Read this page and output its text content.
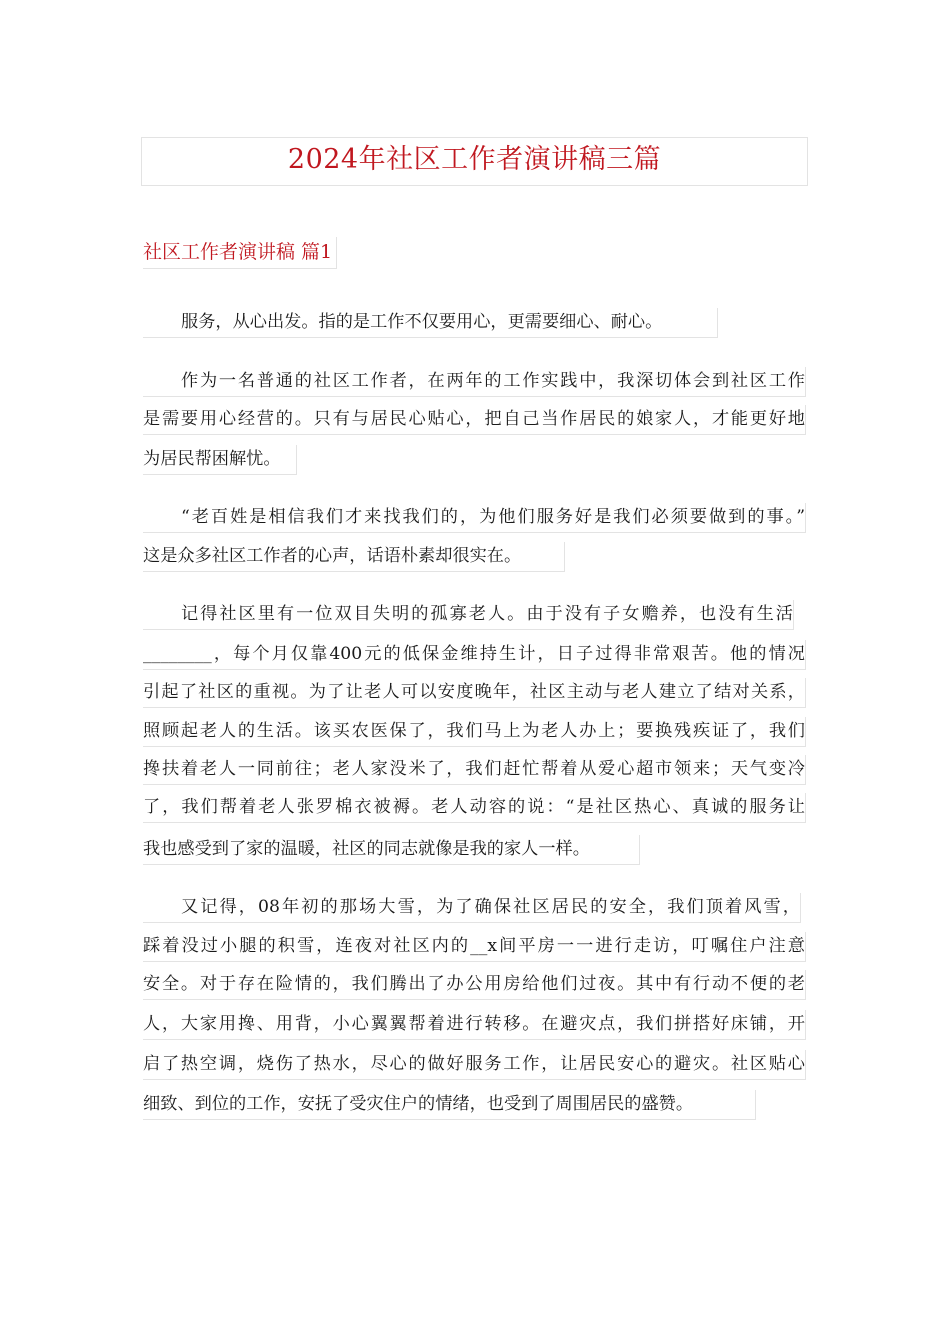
2024年社区工作者演讲稿三篇
社区工作者演讲稿 篇1
服务，从心出发。指的是工作不仅要用心，更需要细心、耐心。
作为一名普通的社区工作者，在两年的工作实践中，我深切体会到社区工作
是需要用心经营的。只有与居民心贴心，把自己当作居民的娘家人，才能更好地
为居民帮困解忧。
“老百姓是相信我们才来找我们的，为他们服务好是我们必须要做到的事。”
这是众多社区工作者的心声，话语朴素却很实在。
记得社区里有一位双目失明的孤寡老人。由于没有子女赡养，也没有生活
________，每个月仅靠400元的低保金维持生计，日子过得非常艰苦。他的情况
引起了社区的重视。为了让老人可以安度晚年，社区主动与老人建立了结对关系，
照顾起老人的生活。该买农医保了，我们马上为老人办上；要换残疾证了，我们
搀扶着老人一同前往；老人家没米了，我们赶忙帮着从爱心超市领来；天气变冷
了，我们帮着老人张罗棉衣被褥。老人动容的说：“是社区热心、真诚的服务让
我也感受到了家的温暖，社区的同志就像是我的家人一样。
又记得，08年初的那场大雪，为了确保社区居民的安全，我们顶着风雪，
踩着没过小腿的积雪，连夜对社区内的__x间平房一一进行走访，叮嘱住户注意
安全。对于存在险情的，我们腾出了办公用房给他们过夜。其中有行动不便的老
人，大家用搀、用背，小心翼翼帮着进行转移。在避灾点，我们拼搭好床铺，开
启了热空调，烧伤了热水，尽心的做好服务工作，让居民安心的避灾。社区贴心
细致、到位的工作，安抚了受灾住户的情绪，也受到了周围居民的盛赞。
